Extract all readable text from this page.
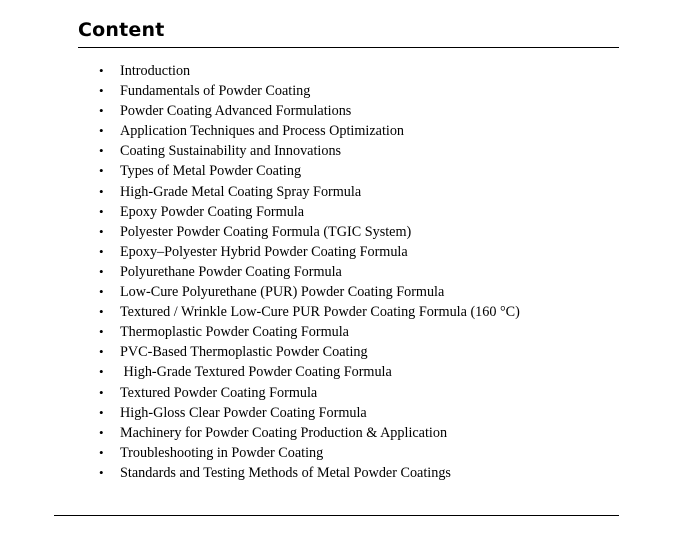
Content
• Introduction
• Fundamentals of Powder Coating
• Powder Coating Advanced Formulations
• Application Techniques and Process Optimization
• Coating Sustainability and Innovations
• Types of Metal Powder Coating
• High-Grade Metal Coating Spray Formula
• Epoxy Powder Coating Formula
• Polyester Powder Coating Formula (TGIC System)
• Epoxy–Polyester Hybrid Powder Coating Formula
• Polyurethane Powder Coating Formula
• Low-Cure Polyurethane (PUR) Powder Coating Formula
• Textured / Wrinkle Low-Cure PUR Powder Coating Formula (160 °C)
• Thermoplastic Powder Coating Formula
• PVC-Based Thermoplastic Powder Coating
• High-Grade Textured Powder Coating Formula
• Textured Powder Coating Formula
• High-Gloss Clear Powder Coating Formula
• Machinery for Powder Coating Production & Application
• Troubleshooting in Powder Coating
• Standards and Testing Methods of Metal Powder Coatings
